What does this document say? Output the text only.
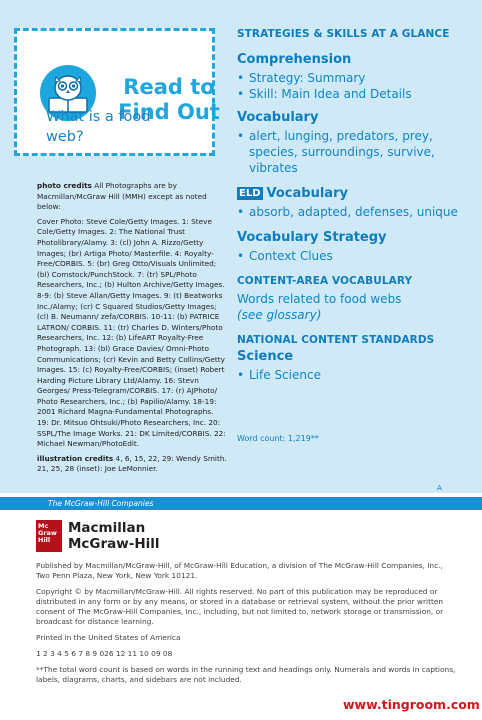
Read to
Find Out
What is a food
web?

photo credits All Photographs are by Macmillan/McGraw Hill (MMH) except as noted below:

Cover Photo: Steve Cole/Getty Images. 1: Steve Cole/Getty Images. 2: The National Trust Photolibrary/Alamy. 3: (cl) John A. Rizzo/Getty Images; (br) Artiga Photo/ Masterfile. 4: Royalty-Free/CORBIS. 5: (br) Greg Otto/Visuals Unlimited; (bl) Comstock/PunchStock. 7: (tr) SPL/Photo Researchers, Inc.; (b) Hulton Archive/Getty Images. 8-9: (b) Steve Allan/Getty Images. 9: (t) Beatworks Inc./Alamy; (cr) C Squared Studios/Getty Images; (cl) B. Neumann/ zefa/CORBIS. 10-11: (b) PATRICE LATRON/ CORBIS. 11: (tr) Charles D. Winters/Photo Researchers, Inc. 12: (b) LifeART Royalty-Free Photograph. 13: (bl) Grace Davies/ Omni-Photo Communications; (cr) Kevin and Betty Collins/Getty Images. 15: (c) Royalty-Free/CORBIS; (inset) Robert Harding Picture Library Ltd/Alamy. 16: Stevn Georges/ Press-Telegram/CORBIS. 17: (r) AJPhoto/ Photo Researchers, Inc.; (b) Papilio/Alamy. 18-19: 2001 Richard Magna-Fundamental Photographs. 19: Dr. Mitsuo Ohtsuki/Photo Researchers, Inc. 20: SSPL/The Image Works. 21: DK Limited/CORBIS. 22: Michael Newman/PhotoEdit.

illustration credits 4, 6, 15, 22, 29: Wendy Smith. 21, 25, 28 (inset): Joe LeMonnier.

STRATEGIES & SKILLS AT A GLANCE

Comprehension

• Strategy: Summary
• Skill: Main Idea and Details

Vocabulary

• alert, lunging, predators, prey, species, surroundings, survive, vibrates

ELD Vocabulary

• absorb, adapted, defenses, unique

Vocabulary Strategy

• Context Clues

CONTENT-AREA VOCABULARY

Words related to food webs

(see glossary)

NATIONAL CONTENT STANDARDS

Science

• Life Science
Word count: 1,219**
A
The McGraw-Hill Companies
Mc Graw Hill
Macmillan
McGraw-Hill

Published by Macmillan/McGraw-Hill, of McGraw-Hill Education, a division of The McGraw-Hill Companies, Inc., Two Penn Plaza, New York, New York 10121.

Copyright © by Macmillan/McGraw-Hill. All rights reserved. No part of this publication may be reproduced or distributed in any form or by any means, or stored in a database or retrieval system, without the prior written consent of The McGraw-Hill Companies, Inc., including, but not limited to, network storage or transmission, or broadcast for distance learning.

Printed in the United States of America

1 2 3 4 5 6 7 8 9 026 12 11 10 09 08

**The total word count is based on words in the running text and headings only. Numerals and words in captions, labels, diagrams, charts, and sidebars are not included.

www.tingroom.com
